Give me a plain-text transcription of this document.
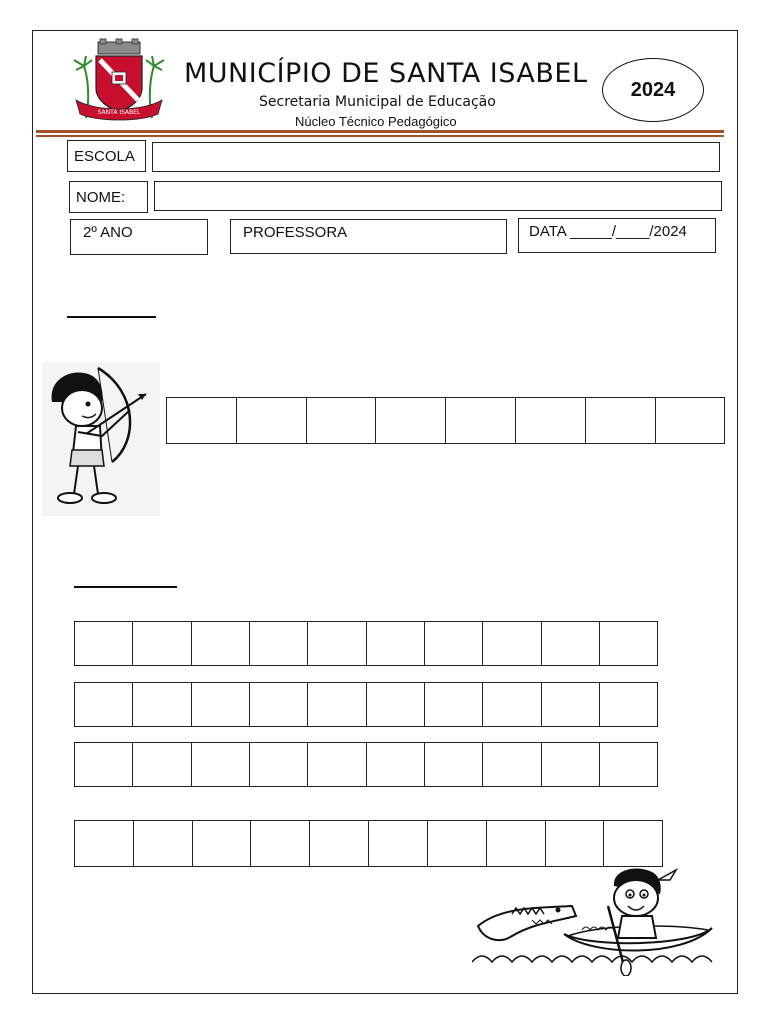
SANTA ISABEL
MUNICÍPIO DE SANTA ISABEL
Secretaria Municipal de Educação
Núcleo Técnico Pedagógico
2024
ESCOLA
NOME:
2º ANO	PROFESSORA	DATA _____/____/2024
